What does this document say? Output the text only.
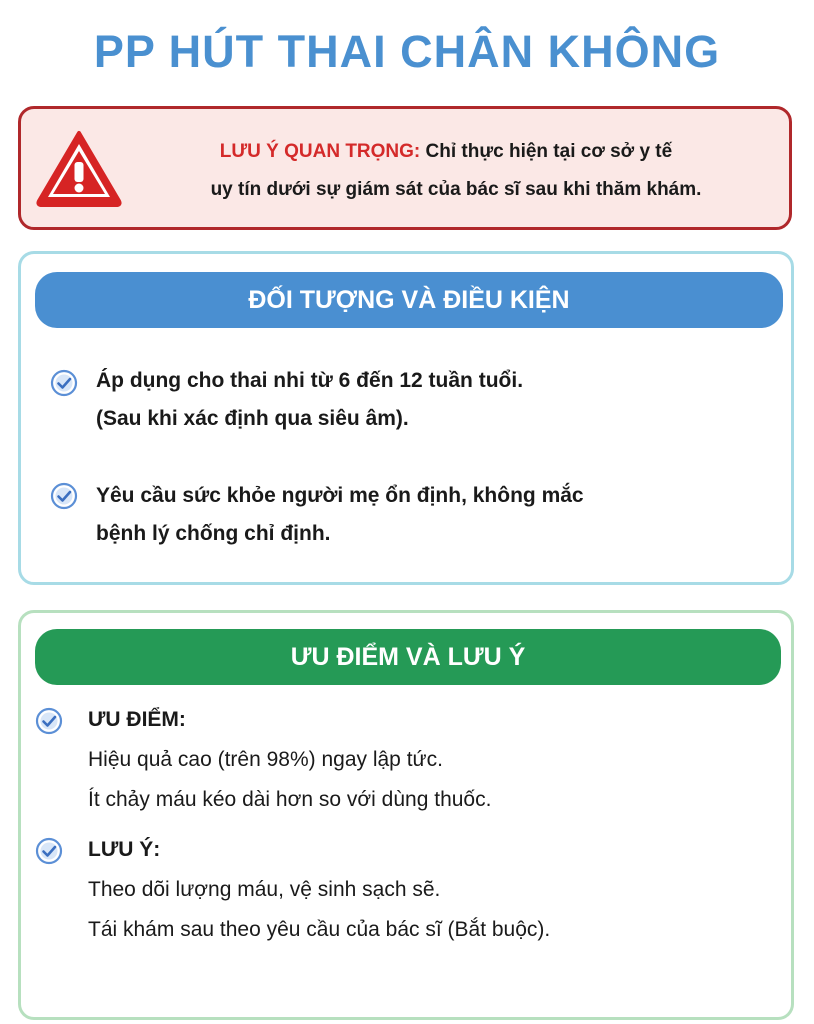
PP HÚT THAI CHÂN KHÔNG
LƯU Ý QUAN TRỌNG: Chỉ thực hiện tại cơ sở y tế
uy tín dưới sự giám sát của bác sĩ sau khi thăm khám.
ĐỐI TƯỢNG VÀ ĐIỀU KIỆN
Áp dụng cho thai nhi từ 6 đến 12 tuần tuổi.
(Sau khi xác định qua siêu âm).
Yêu cầu sức khỏe người mẹ ổn định, không mắc
bệnh lý chống chỉ định.
ƯU ĐIỂM VÀ LƯU Ý
ƯU ĐIỂM:
Hiệu quả cao (trên 98%) ngay lập tức.
Ít chảy máu kéo dài hơn so với dùng thuốc.
LƯU Ý:
Theo dõi lượng máu, vệ sinh sạch sẽ.
Tái khám sau theo yêu cầu của bác sĩ (Bắt buộc).
